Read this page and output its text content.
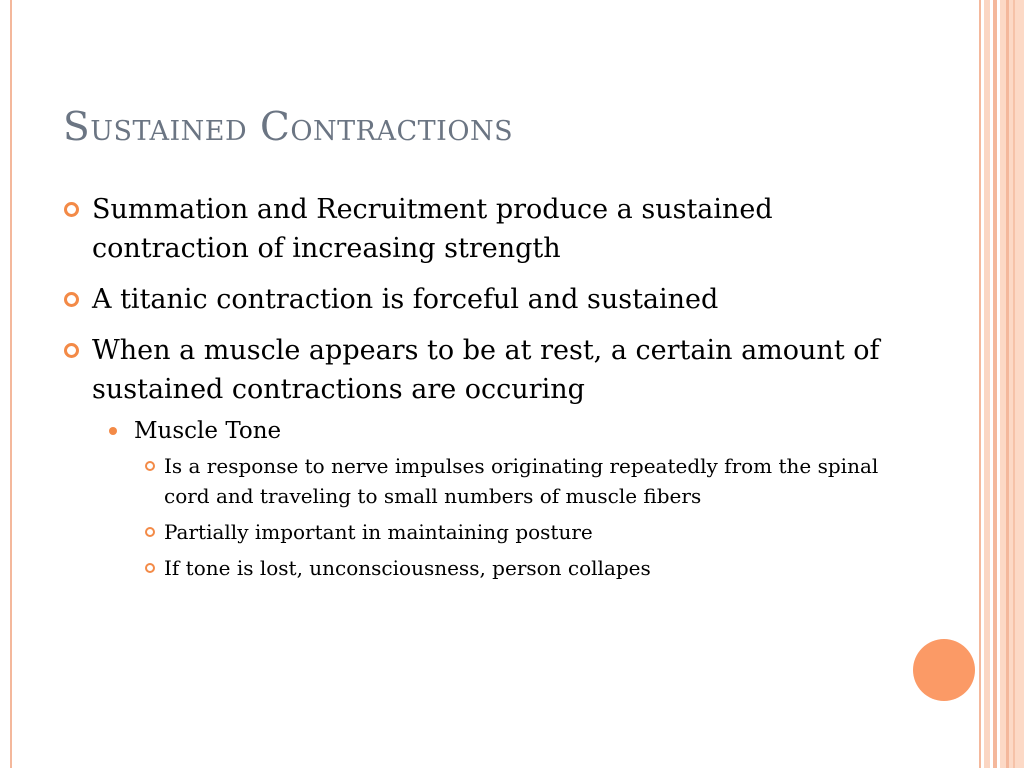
Sustained Contractions
Summation and Recruitment produce a sustained contraction of increasing strength
A titanic contraction is forceful and sustained
When a muscle appears to be at rest, a certain amount of sustained contractions are occuring
Muscle Tone
Is a response to nerve impulses originating repeatedly from the spinal cord and traveling to small numbers of muscle fibers
Partially important in maintaining posture
If tone is lost, unconsciousness, person collapes
